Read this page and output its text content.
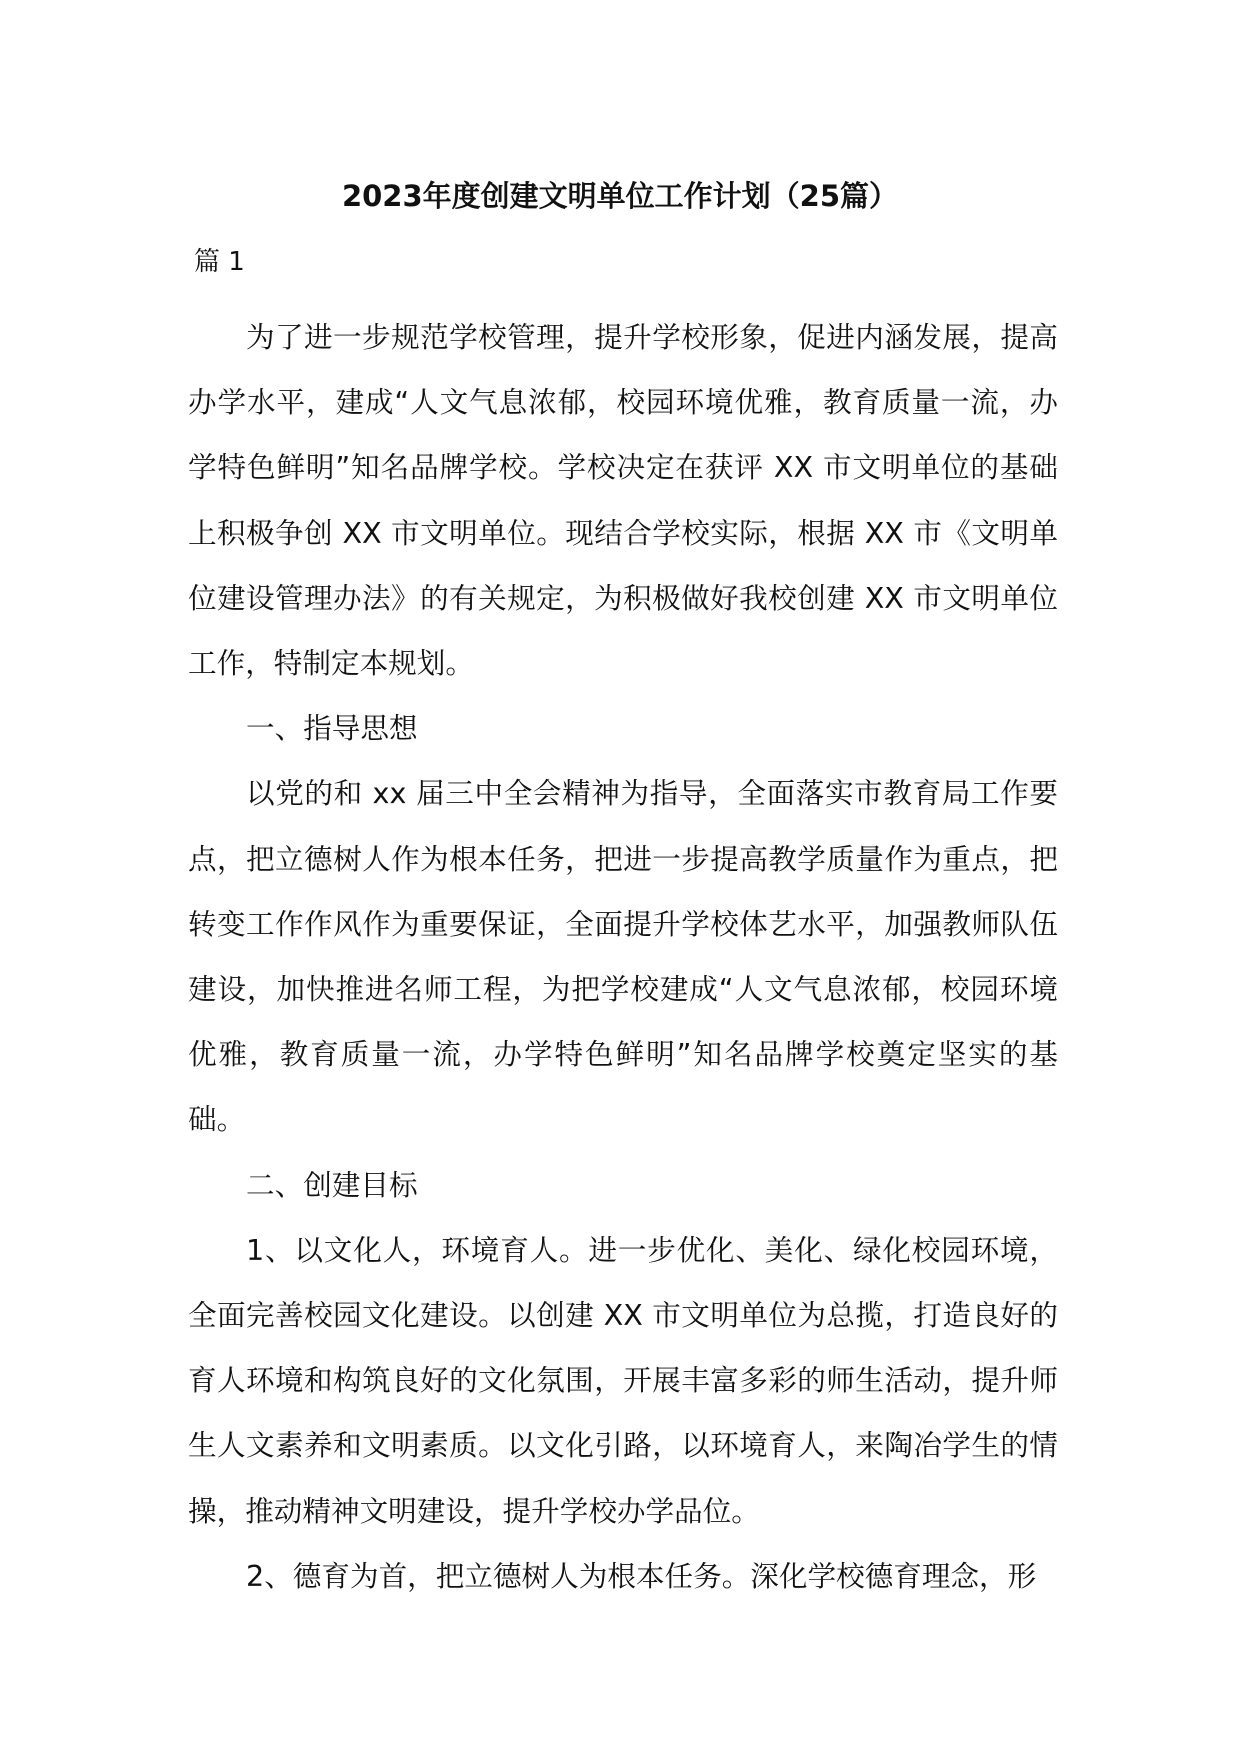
2023年度创建文明单位工作计划（25篇）
篇 1

为了进一步规范学校管理，提升学校形象，促进内涵发展，提高办学水平，建成“人文气息浓郁，校园环境优雅，教育质量一流，办学特色鲜明”知名品牌学校。学校决定在获评 XX 市文明单位的基础上积极争创 XX 市文明单位。现结合学校实际，根据 XX 市《文明单位建设管理办法》的有关规定，为积极做好我校创建 XX 市文明单位工作，特制定本规划。

一、指导思想

以党的和 xx 届三中全会精神为指导，全面落实市教育局工作要点，把立德树人作为根本任务，把进一步提高教学质量作为重点，把转变工作作风作为重要保证，全面提升学校体艺水平，加强教师队伍建设，加快推进名师工程，为把学校建成“人文气息浓郁，校园环境优雅，教育质量一流，办学特色鲜明”知名品牌学校奠定坚实的基础。

二、创建目标

1、以文化人，环境育人。进一步优化、美化、绿化校园环境，全面完善校园文化建设。以创建 XX 市文明单位为总揽，打造良好的育人环境和构筑良好的文化氛围，开展丰富多彩的师生活动，提升师生人文素养和文明素质。以文化引路，以环境育人，来陶冶学生的情操，推动精神文明建设，提升学校办学品位。

2、德育为首，把立德树人为根本任务。深化学校德育理念，形
